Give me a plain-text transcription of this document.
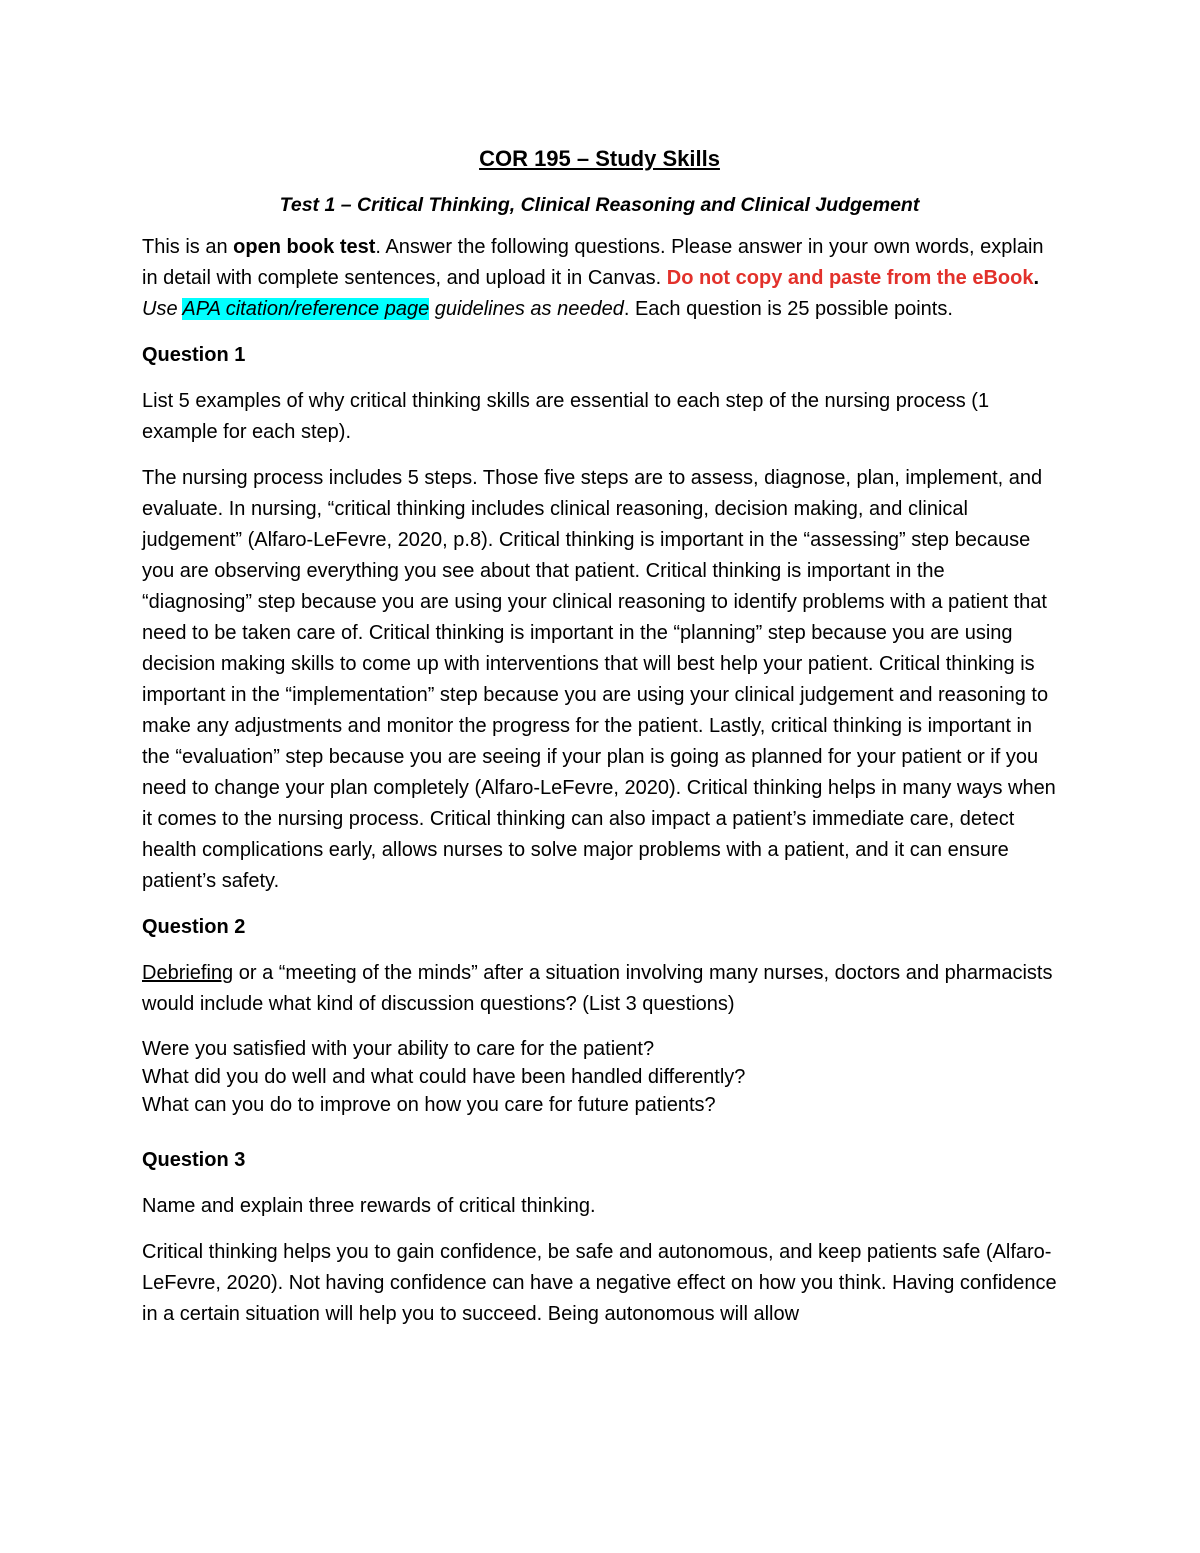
COR 195 – Study Skills
Test 1 – Critical Thinking, Clinical Reasoning and Clinical Judgement

This is an open book test. Answer the following questions. Please answer in your own words, explain in detail with complete sentences, and upload it in Canvas. Do not copy and paste from the eBook. Use APA citation/reference page guidelines as needed. Each question is 25 possible points.

Question 1

List 5 examples of why critical thinking skills are essential to each step of the nursing process (1 example for each step).

The nursing process includes 5 steps. Those five steps are to assess, diagnose, plan, implement, and evaluate. In nursing, “critical thinking includes clinical reasoning, decision making, and clinical judgement” (Alfaro-LeFevre, 2020, p.8). Critical thinking is important in the “assessing” step because you are observing everything you see about that patient. Critical thinking is important in the “diagnosing” step because you are using your clinical reasoning to identify problems with a patient that need to be taken care of. Critical thinking is important in the “planning” step because you are using decision making skills to come up with interventions that will best help your patient. Critical thinking is important in the “implementation” step because you are using your clinical judgement and reasoning to make any adjustments and monitor the progress for the patient. Lastly, critical thinking is important in the “evaluation” step because you are seeing if your plan is going as planned for your patient or if you need to change your plan completely (Alfaro-LeFevre, 2020). Critical thinking helps in many ways when it comes to the nursing process. Critical thinking can also impact a patient’s immediate care, detect health complications early, allows nurses to solve major problems with a patient, and it can ensure patient’s safety.

Question 2

Debriefing or a “meeting of the minds” after a situation involving many nurses, doctors and pharmacists would include what kind of discussion questions? (List 3 questions)

Were you satisfied with your ability to care for the patient?

What did you do well and what could have been handled differently?

What can you do to improve on how you care for future patients?

Question 3

Name and explain three rewards of critical thinking.

Critical thinking helps you to gain confidence, be safe and autonomous, and keep patients safe (Alfaro-LeFevre, 2020). Not having confidence can have a negative effect on how you think. Having confidence in a certain situation will help you to succeed. Being autonomous will allow
